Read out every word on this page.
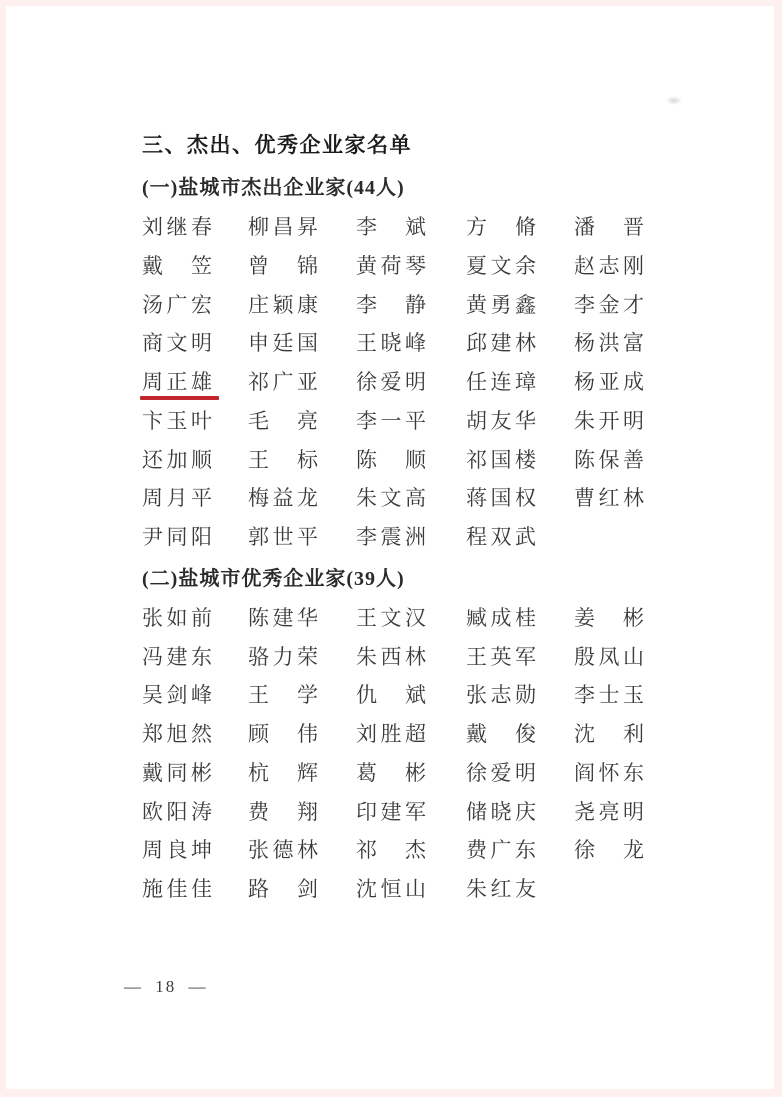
三、杰出、优秀企业家名单
(一)盐城市杰出企业家(44人)
刘继春	柳昌昇	李　斌	方　脩	潘　晋
戴　笠	曾　锦	黄荷琴	夏文余	赵志刚
汤广宏	庄颖康	李　静	黄勇鑫	李金才
商文明	申廷国	王晓峰	邱建林	杨洪富
周正雄	祁广亚	徐爱明	任连璋	杨亚成
卞玉叶	毛　亮	李一平	胡友华	朱开明
还加顺	王　标	陈　顺	祁国楼	陈保善
周月平	梅益龙	朱文高	蒋国权	曹红林
尹同阳	郭世平	李震洲	程双武
(二)盐城市优秀企业家(39人)
张如前	陈建华	王文汉	臧成桂	姜　彬
冯建东	骆力荣	朱西林	王英军	殷凤山
吴剑峰	王　学	仇　斌	张志勋	李士玉
郑旭然	顾　伟	刘胜超	戴　俊	沈　利
戴同彬	杭　辉	葛　彬	徐爱明	阎怀东
欧阳涛	费　翔	印建军	储晓庆	尧亮明
周良坤	张德林	祁　杰	费广东	徐　龙
施佳佳	路　剑	沈恒山	朱红友
— 18 —
